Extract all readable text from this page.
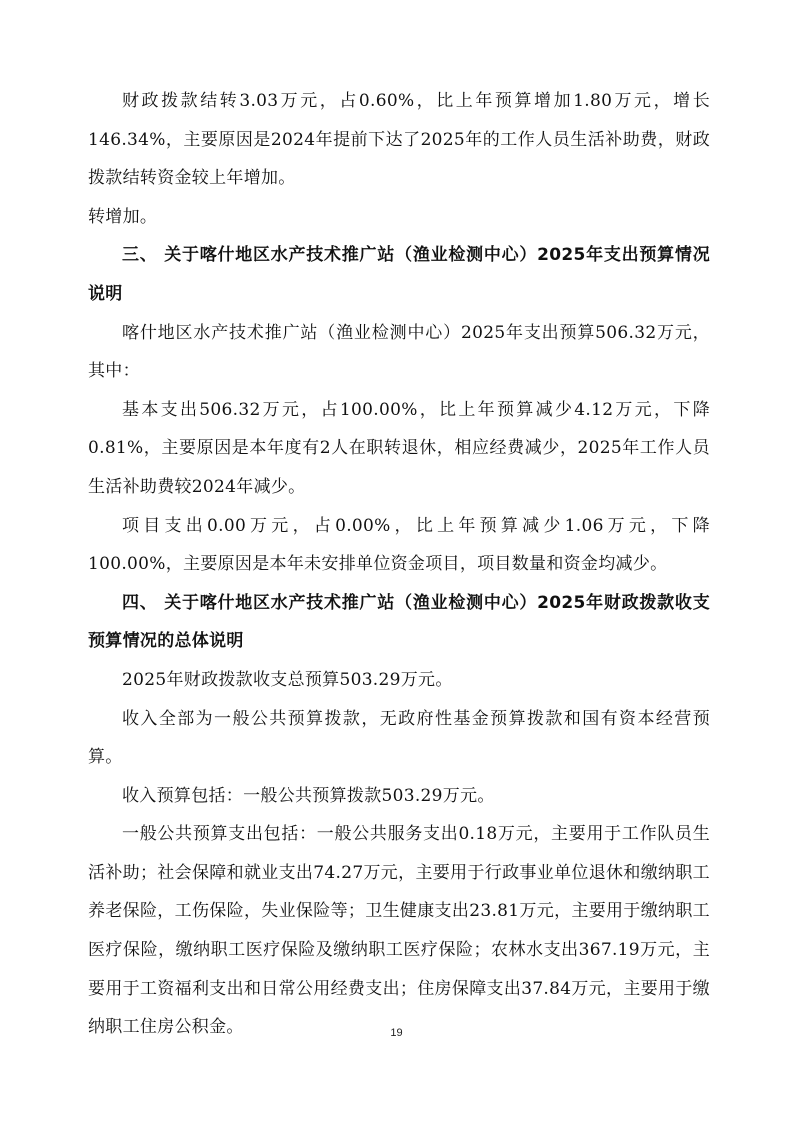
财政拨款结转3.03万元，占0.60%，比上年预算增加1.80万元，增长146.34%，主要原因是2024年提前下达了2025年的工作人员生活补助费，财政拨款结转资金较上年增加。

转增加。

三、 关于喀什地区水产技术推广站（渔业检测中心）2025年支出预算情况说明

喀什地区水产技术推广站（渔业检测中心）2025年支出预算506.32万元，其中：

基本支出506.32万元，占100.00%，比上年预算减少4.12万元，下降0.81%，主要原因是本年度有2人在职转退休，相应经费减少，2025年工作人员生活补助费较2024年减少。

项目支出0.00万元，占0.00%，比上年预算减少1.06万元，下降100.00%，主要原因是本年未安排单位资金项目，项目数量和资金均减少。

四、 关于喀什地区水产技术推广站（渔业检测中心）2025年财政拨款收支预算情况的总体说明

2025年财政拨款收支总预算503.29万元。

收入全部为一般公共预算拨款，无政府性基金预算拨款和国有资本经营预算。

收入预算包括：一般公共预算拨款503.29万元。

一般公共预算支出包括：一般公共服务支出0.18万元，主要用于工作队员生活补助；社会保障和就业支出74.27万元，主要用于行政事业单位退休和缴纳职工养老保险，工伤保险，失业保险等；卫生健康支出23.81万元，主要用于缴纳职工医疗保险，缴纳职工医疗保险及缴纳职工医疗保险；农林水支出367.19万元，主要用于工资福利支出和日常公用经费支出；住房保障支出37.84万元，主要用于缴纳职工住房公积金。	19
